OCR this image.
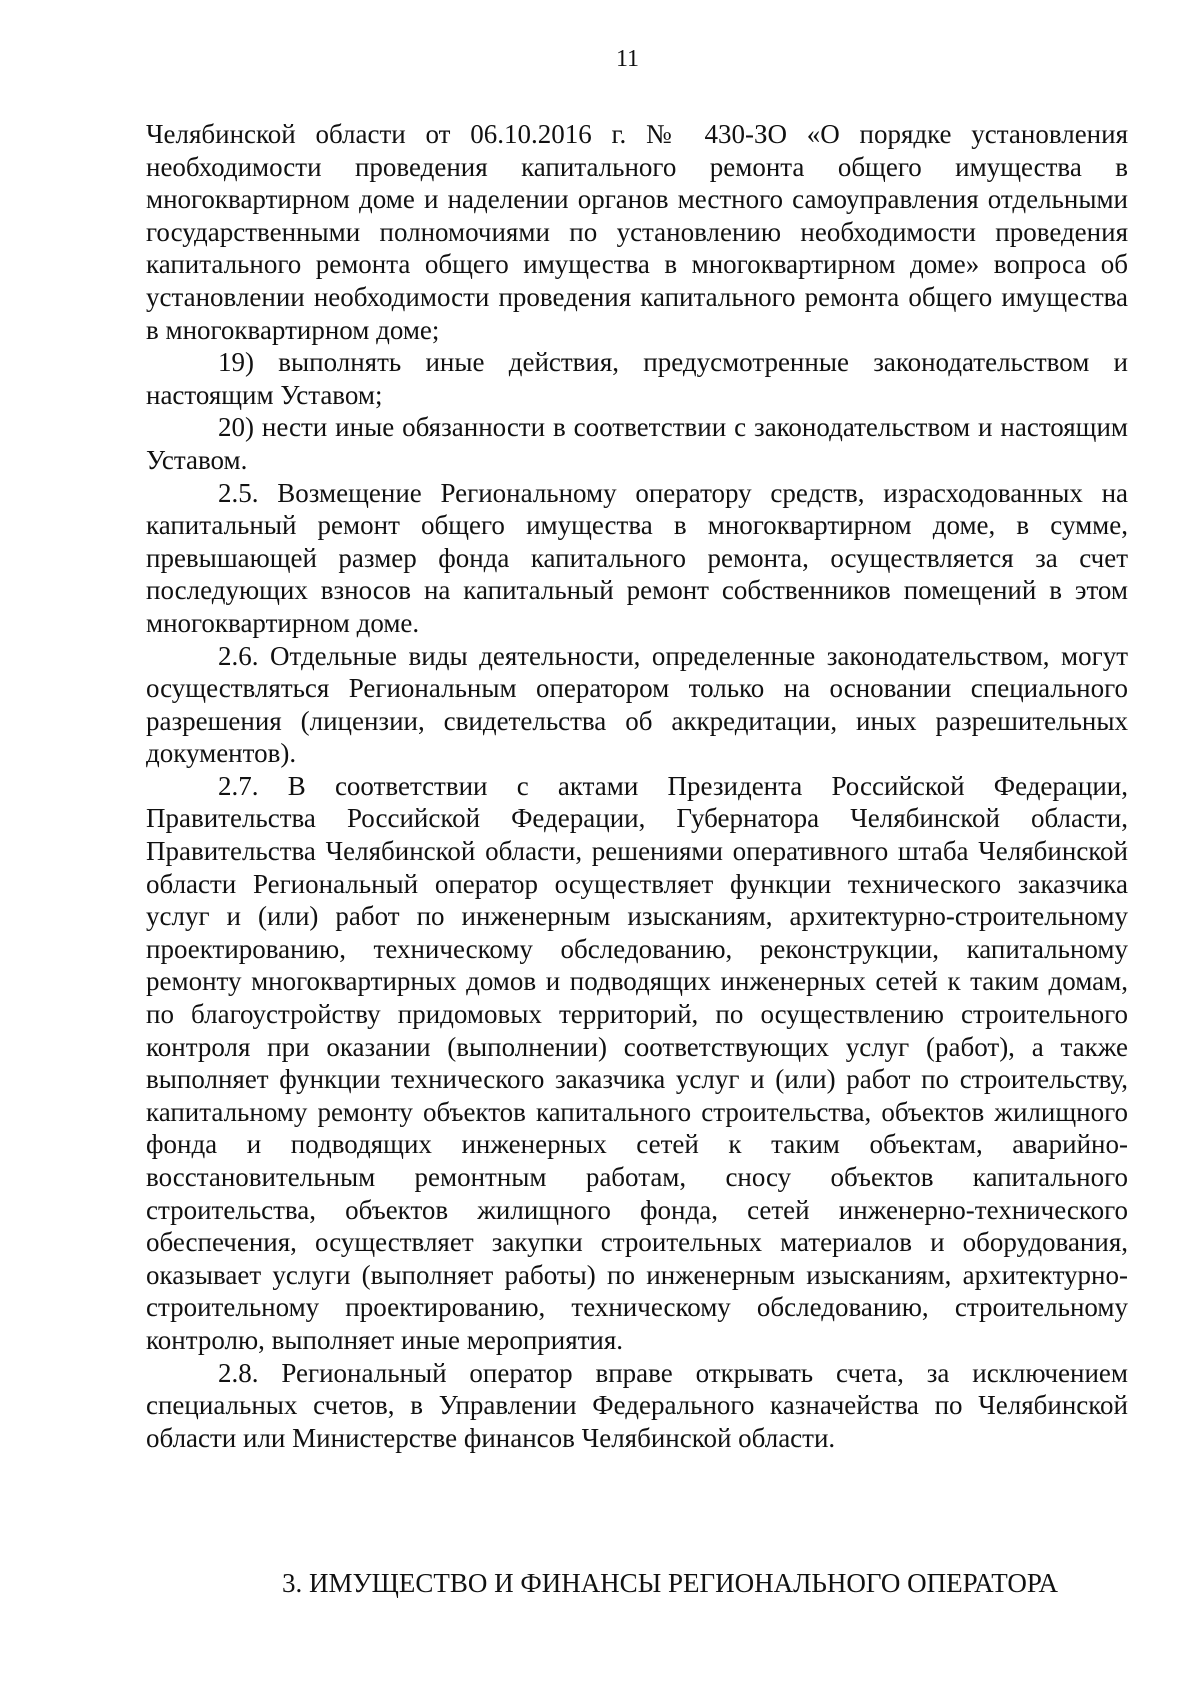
11

Челябинской области от 06.10.2016 г. № 430-ЗО «О порядке установления необходимости проведения капитального ремонта общего имущества в многоквартирном доме и наделении органов местного самоуправления отдельными государственными полномочиями по установлению необходимости проведения капитального ремонта общего имущества в многоквартирном доме» вопроса об установлении необходимости проведения капитального ремонта общего имущества в многоквартирном доме;

19) выполнять иные действия, предусмотренные законодательством и настоящим Уставом;

20) нести иные обязанности в соответствии с законодательством и настоящим Уставом.

2.5. Возмещение Региональному оператору средств, израсходованных на капитальный ремонт общего имущества в многоквартирном доме, в сумме, превышающей размер фонда капитального ремонта, осуществляется за счет последующих взносов на капитальный ремонт собственников помещений в этом многоквартирном доме.

2.6. Отдельные виды деятельности, определенные законодательством, могут осуществляться Региональным оператором только на основании специального разрешения (лицензии, свидетельства об аккредитации, иных разрешительных документов).

2.7. В соответствии с актами Президента Российской Федерации, Правительства Российской Федерации, Губернатора Челябинской области, Правительства Челябинской области, решениями оперативного штаба Челябинской области Региональный оператор осуществляет функции технического заказчика услуг и (или) работ по инженерным изысканиям, архитектурно-строительному проектированию, техническому обследованию, реконструкции, капитальному ремонту многоквартирных домов и подводящих инженерных сетей к таким домам, по благоустройству придомовых территорий, по осуществлению строительного контроля при оказании (выполнении) соответствующих услуг (работ), а также выполняет функции технического заказчика услуг и (или) работ по строительству, капитальному ремонту объектов капитального строительства, объектов жилищного фонда и подводящих инженерных сетей к таким объектам, аварийно-восстановительным ремонтным работам, сносу объектов капитального строительства, объектов жилищного фонда, сетей инженерно-технического обеспечения, осуществляет закупки строительных материалов и оборудования, оказывает услуги (выполняет работы) по инженерным изысканиям, архитектурно-строительному проектированию, техническому обследованию, строительному контролю, выполняет иные мероприятия.

2.8. Региональный оператор вправе открывать счета, за исключением специальных счетов, в Управлении Федерального казначейства по Челябинской области или Министерстве финансов Челябинской области.

3. ИМУЩЕСТВО И ФИНАНСЫ РЕГИОНАЛЬНОГО ОПЕРАТОРА
